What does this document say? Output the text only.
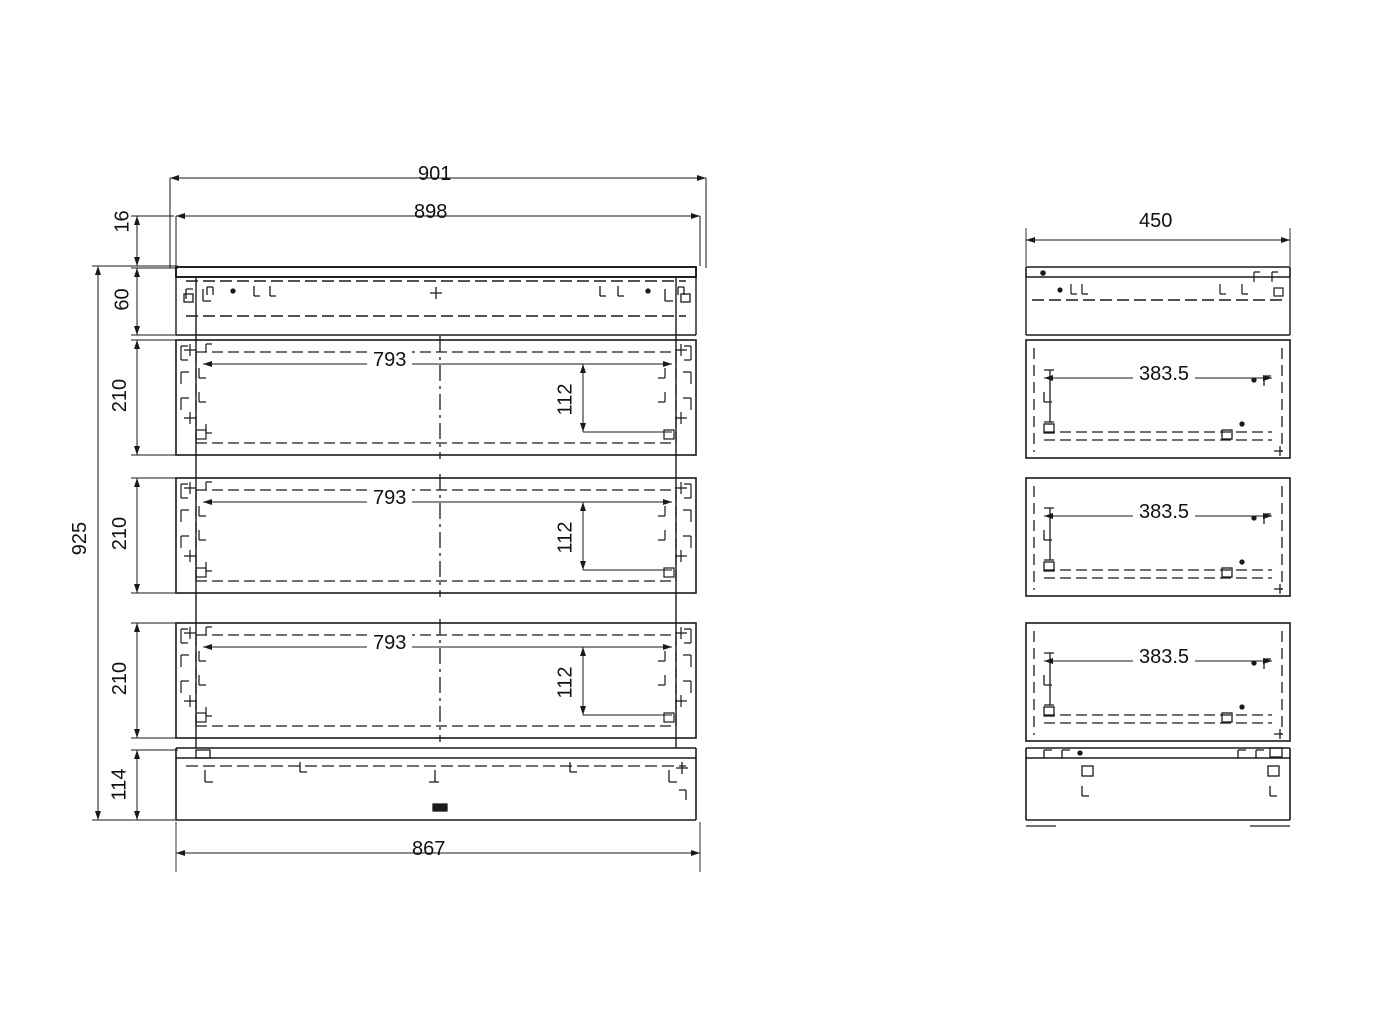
901
898
16
60
210
210
210
114
925
867
793
793
793
112
112
112
450
383.5
383.5
383.5
